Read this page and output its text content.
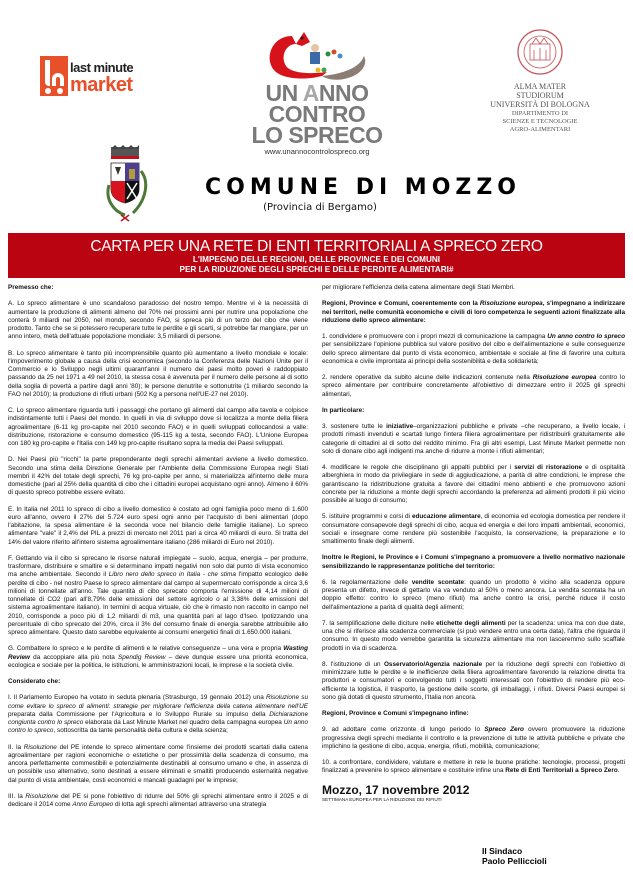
last minute
market	UN ANNO CONTRO
LO SPRECO
www.unannocontrolospreco.org
ALMA MATER STUDIORUM
UNIVERSITÀ DI BOLOGNA
DIPARTIMENTO DI
SCIENZE E TECNOLOGIE
AGRO-ALIMENTARI
COMUNE DI MOZZO
(Provincia di Bergamo)
CARTA PER UNA RETE DI ENTI TERRITORIALI A SPRECO ZERO
L'IMPEGNO DELLE REGIONI, DELLE PROVINCE E DEI COMUNI
PER LA RIDUZIONE DEGLI SPRECHI E DELLE PERDITE ALIMENTARI#

Premesso che:

A. Lo spreco alimentare è uno scandaloso paradosso del nostro tempo. Mentre vi è la necessità di aumentare la produzione di alimenti almeno del 70% nei prossimi anni per nutrire una popolazione che conterà 9 miliardi nel 2050, nel mondo, secondo FAO, si spreca più di un terzo del cibo che viene prodotto. Tanto che se si potessero recuperare tutte le perdite e gli scarti, si potrebbe far mangiare, per un anno intero, metà dell'attuale popolazione mondiale: 3,5 miliardi di persone.

B. Lo spreco alimentare è tanto più incomprensibile quanto più aumentano a livello mondiale e locale: l'impoverimento globale a causa della crisi economica (secondo la Conferenza delle Nazioni Unite per il Commercio e lo Sviluppo negli ultimi quarant'anni il numero dei paesi molto poveri è raddoppiato passando da 25 nel 1971 a 49 nel 2010, la stessa cosa è avvenuta per il numero delle persone al di sotto della soglia di povertà a partire dagli anni '80); le persone denutrite e sottonutrite (1 miliardo secondo la FAO nel 2010); la produzione di rifiuti urbani (502 Kg a persona nell'UE-27 nel 2010).

C. Lo spreco alimentare riguarda tutti i passaggi che portano gli alimenti dal campo alla tavola e colpisce indistintamente tutti i Paesi del mondo. In quelli in via di sviluppo dove si localizza a monte della filiera agroalimentare (6-11 kg pro-capite nel 2010 secondo FAO) e in quelli sviluppati collocandosi a valle: distribuzione, ristorazione e consumo domestico (95-115 kg a testa, secondo FAO). L'Unione Europea con 180 kg pro-capite e l'Italia con 149 kg pro-capite risultano sopra la media dei Paesi sviluppati.

D. Nei Paesi più "ricchi" la parte preponderante degli sprechi alimentari avviene a livello domestico. Secondo una stima della Direzione Generale per l'Ambiente della Commissione Europea negli Stati membri il 42% del totale degli sprechi, 76 kg pro-capite per anno, si materializza all'interno delle mura domestiche (pari al 25% della quantità di cibo che i cittadini europei acquistano ogni anno). Almeno il 60% di questo spreco potrebbe essere evitato.

E. In Italia nel 2011 lo spreco di cibo a livello domestico è costato ad ogni famiglia poco meno di 1.600 euro all'anno, ovvero il 27% dei 5.724 euro spesi ogni anno per l'acquisto di beni alimentari (dopo l'abitazione, la spesa alimentare è la seconda voce nel bilancio delle famiglie italiane). Lo spreco alimentare "vale" il 2,4% del PIL a prezzi di mercato nel 2011 pari a circa 40 miliardi di euro. Si tratta del 14% del valore riferito all'intero sistema agroalimentare italiano (286 miliardi di Euro nel 2010).

F. Gettando via il cibo si sprecano le risorse naturali impiegate – suolo, acqua, energia – per produrre, trasformare, distribuire e smaltire e si determinano impatti negativi non solo dal punto di vista economico ma anche ambientale. Secondo il Libro nero dello spreco in Italia - che stima l'impatto ecologico delle perdite di cibo - nel nostro Paese lo spreco alimentare dal campo al supermercato corrisponde a circa 3,6 milioni di tonnellate all'anno. Tale quantità di cibo sprecato comporta l'emissione di 4,14 milioni di tonnellate di CO2 (pari all'8,79% delle emissioni del settore agricolo o al 3,38% delle emissioni del sistema agroalimentare italiano). In termini di acqua virtuale, ciò che è rimasto non raccolto in campo nel 2010, corrisponde a poco più di 1,2 miliardi di m3, una quantità pari al lago d'Iseo. Ipotizzando una percentuale di cibo sprecato del 20%, circa il 3% del consumo finale di energia sarebbe attribuibile allo spreco alimentare. Questo dato sarebbe equivalente ai consumi energetici finali di 1.650.000 italiani.

G. Combattere lo spreco e le perdite di alimenti e le relative conseguenze – una vera e propria Wasting Review da accoppiare alla più nota Spendig Review – deve dunque essere una priorità economica, ecologica e sociale per la politica, le istituzioni, le amministrazioni locali, le imprese e la società civile.

Considerato che:

I. Il Parlamento Europeo ha votato in seduta plenaria (Strasburgo, 19 gennaio 2012) una Risoluzione su come evitare lo spreco di alimenti: strategie per migliorare l'efficienza della catena alimentare nell'UE preparata dalla Commissione per l'Agricoltura e lo Sviluppo Rurale su impulso della Dichiarazione congiunta contro lo spreco elaborata da Last Minute Market nel quadro della campagna europea Un anno contro lo spreco, sottoscritta da tante personalità della cultura e della scienza;

II. la Risoluzione del PE intende lo spreco alimentare come l'insieme dei prodotti scartati dalla catena agroalimentare per ragioni economiche o estetiche o per prossimità della scadenza di consumo, ma ancora perfettamente commestibili e potenzialmente destinabili al consumo umano e che, in assenza di un possibile uso alternativo, sono destinati a essere eliminati e smaltiti producendo esternalità negative dal punto di vista ambientale, costi economici e mancati guadagni per le imprese;

III. la Risoluzione del PE si pone l'obiettivo di ridurre del 50% gli sprechi alimentare entro il 2025 e di dedicare il 2014 come Anno Europeo di lotta agli sprechi alimentari attraverso una strategia

per migliorare l'efficienza della catena alimentare degli Stati Membri.

Regioni, Province e Comuni, coerentemente con la Risoluzione europea, s'impegnano a indirizzare nei territori, nelle comunità economiche e civili di loro competenza le seguenti azioni finalizzate alla riduzione dello spreco alimentare:

1. condividere e promuovere con i propri mezzi di comunicazione la campagna Un anno contro lo spreco per sensibilizzare l'opinione pubblica sul valore positivo del cibo e dell'alimentazione e sulle conseguenze dello spreco alimentare dal punto di vista economico, ambientale e sociale al fine di favorire una cultura economica e civile improntata ai principi della sostenibilità e della solidarietà;

2. rendere operative da subito alcune delle indicazioni contenute nella Risoluzione europea contro lo spreco alimentare per contribuire concretamente all'obiettivo di dimezzare entro il 2025 gli sprechi alimentari,

In particolare:

3. sostenere tutte le iniziative–organizzazioni pubbliche e private –che recuperano, a livello locale, i prodotti rimasti invenduti e scartati lungo l'intera filiera agroalimentare per ridistribuirli gratuitamente alle categorie di cittadini al di sotto del reddito minimo. Fra gli altri esempi, Last Minute Market permette non solo di donare cibo agli indigenti ma anche di ridurre a monte i rifiuti alimentari;

4. modificare le regole che disciplinano gli appalti pubblici per i servizi di ristorazione e di ospitalità alberghiera in modo da privilegiare in sede di aggiudicazione, a parità di altre condizioni, le imprese che garantiscano la ridistribuzione gratuita a favore dei cittadini meno abbienti e che promuovono azioni concrete per la riduzione a monte degli sprechi accordando la preferenza ad alimenti prodotti il più vicino possibile al luogo di consumo;

5. istituire programmi e corsi di educazione alimentare, di economia ed ecologia domestica per rendere il consumatore consapevole degli sprechi di cibo, acqua ed energia e dei loro impatti ambientali, economici, sociali e insegnare come rendere più sostenibile l'acquisto, la conservazione, la preparazione e lo smaltimento finale degli alimenti.

Inoltre le Regioni, le Province e i Comuni s'impegnano a promuovere a livello normativo nazionale sensibilizzando le rappresentanze politiche del territorio:

6. la regolamentazione delle vendite scontate: quando un prodotto è vicino alla scadenza oppure presenta un difetto, invece di gettarlo via va venduto al 50% o meno ancora. La vendita scontata ha un doppio effetto: contro lo spreco (meno rifiuti) ma anche contro la crisi, perché riduce il costo dell'alimentazione a parità di qualità degli alimenti;

7. la semplificazione delle diciture nelle etichette degli alimenti per la scadenza: unica ma con due date, una che si riferisce alla scadenza commerciale (si può vendere entro una certa data), l'altra che riguarda il consumo. In questo modo verrebbe garantita la sicurezza alimentare ma non lasceremmo sullo scaffale prodotti in via di scadenza.

8. l'istituzione di un Osservatorio/Agenzia nazionale per la riduzione degli sprechi con l'obiettivo di minimizzare tutte le perdite e le inefficienze della filiera agroalimentare favorendo la relazione diretta fra produttori e consumatori e coinvolgendo tutti i soggetti interessati con l'obiettivo di rendere più eco-efficiente la logistica, il trasporto, la gestione delle scorte, gli imballaggi, i rifiuti. Diversi Paesi europei si sono già dotati di questo strumento, l'Italia non ancora.

Regioni, Province e Comuni s'impegnano infine:

9. ad adottare come orizzonte di lungo periodo lo Spreco Zero ovvero promuovere la riduzione progressiva degli sprechi mediante il controllo e la prevenzione di tutte le attività pubbliche e private che implichino la gestione di cibo, acqua, energia, rifiuti, mobilità, comunicazione;

10. a confrontare, condividere, valutare e mettere in rete le buone pratiche: tecnologie, processi, progetti finalizzati a prevenire lo spreco alimentare e costituire infine una Rete di Enti Territoriali a Spreco Zero.

Mozzo, 17 novembre 2012
SETTIMANA EUROPEA PER LA RIDUZIONE DEI RIFIUTI
Il Sindaco
Paolo Pelliccioli
